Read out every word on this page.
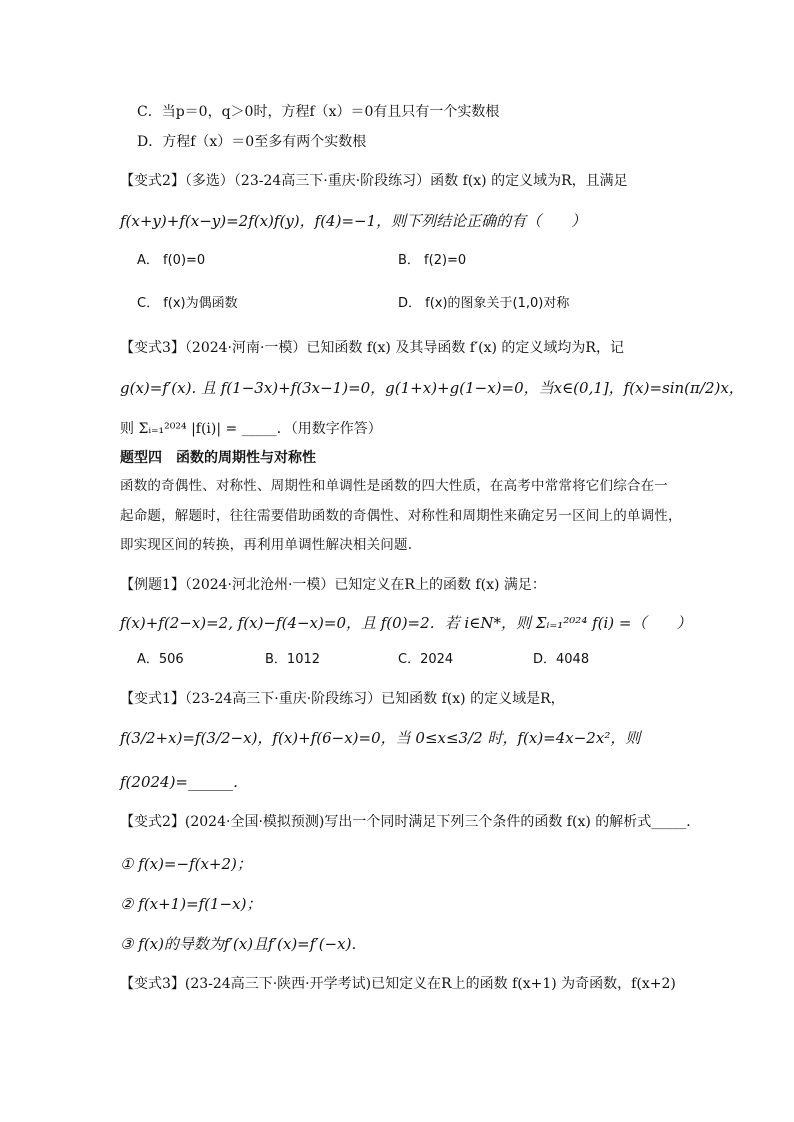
C．当p＝0，q＞0时，方程f（x）＝0有且只有一个实数根
D．方程f（x）＝0至多有两个实数根
【变式2】（多选）（23-24高三下·重庆·阶段练习）函数 f(x) 的定义域为R，且满足
f(x+y)+f(x−y)=2f(x)f(y)，f(4)=−1，则下列结论正确的有（　　）
A． f(0)=0	B． f(2)=0
C． f(x)为偶函数	D． f(x)的图象关于(1,0)对称
【变式3】（2024·河南·一模）已知函数 f(x) 及其导函数 f′(x) 的定义域均为R，记
g(x)=f′(x). 且 f(1−3x)+f(3x−1)=0，g(1+x)+g(1−x)=0，当x∈(0,1]，f(x)=sin(π/2)x，
则 Σᵢ₌₁²⁰²⁴ |f(i)| = _____．（用数字作答）
题型四　函数的周期性与对称性
函数的奇偶性、对称性、周期性和单调性是函数的四大性质，在高考中常常将它们综合在一
起命题，解题时，往往需要借助函数的奇偶性、对称性和周期性来确定另一区间上的单调性，
即实现区间的转换，再利用单调性解决相关问题.
【例题1】（2024·河北沧州·一模）已知定义在R上的函数 f(x) 满足：
f(x)+f(2−x)=2, f(x)−f(4−x)=0，且 f(0)=2．若 i∈N*，则 Σᵢ₌₁²⁰²⁴ f(i) =（　　）
A．506	B．1012	C．2024	D．4048
【变式1】（23-24高三下·重庆·阶段练习）已知函数 f(x) 的定义域是R，
f(3/2+x)=f(3/2−x)，f(x)+f(6−x)=0，当 0≤x≤3/2 时，f(x)=4x−2x²，则
f(2024)=______．
【变式2】(2024·全国·模拟预测)写出一个同时满足下列三个条件的函数 f(x) 的解析式_____．
① f(x)=−f(x+2)；
② f(x+1)=f(1−x)；
③ f(x)的导数为f′(x)且f′(x)=f′(−x)．
【变式3】(23-24高三下·陕西·开学考试)已知定义在R上的函数 f(x+1) 为奇函数，f(x+2)
